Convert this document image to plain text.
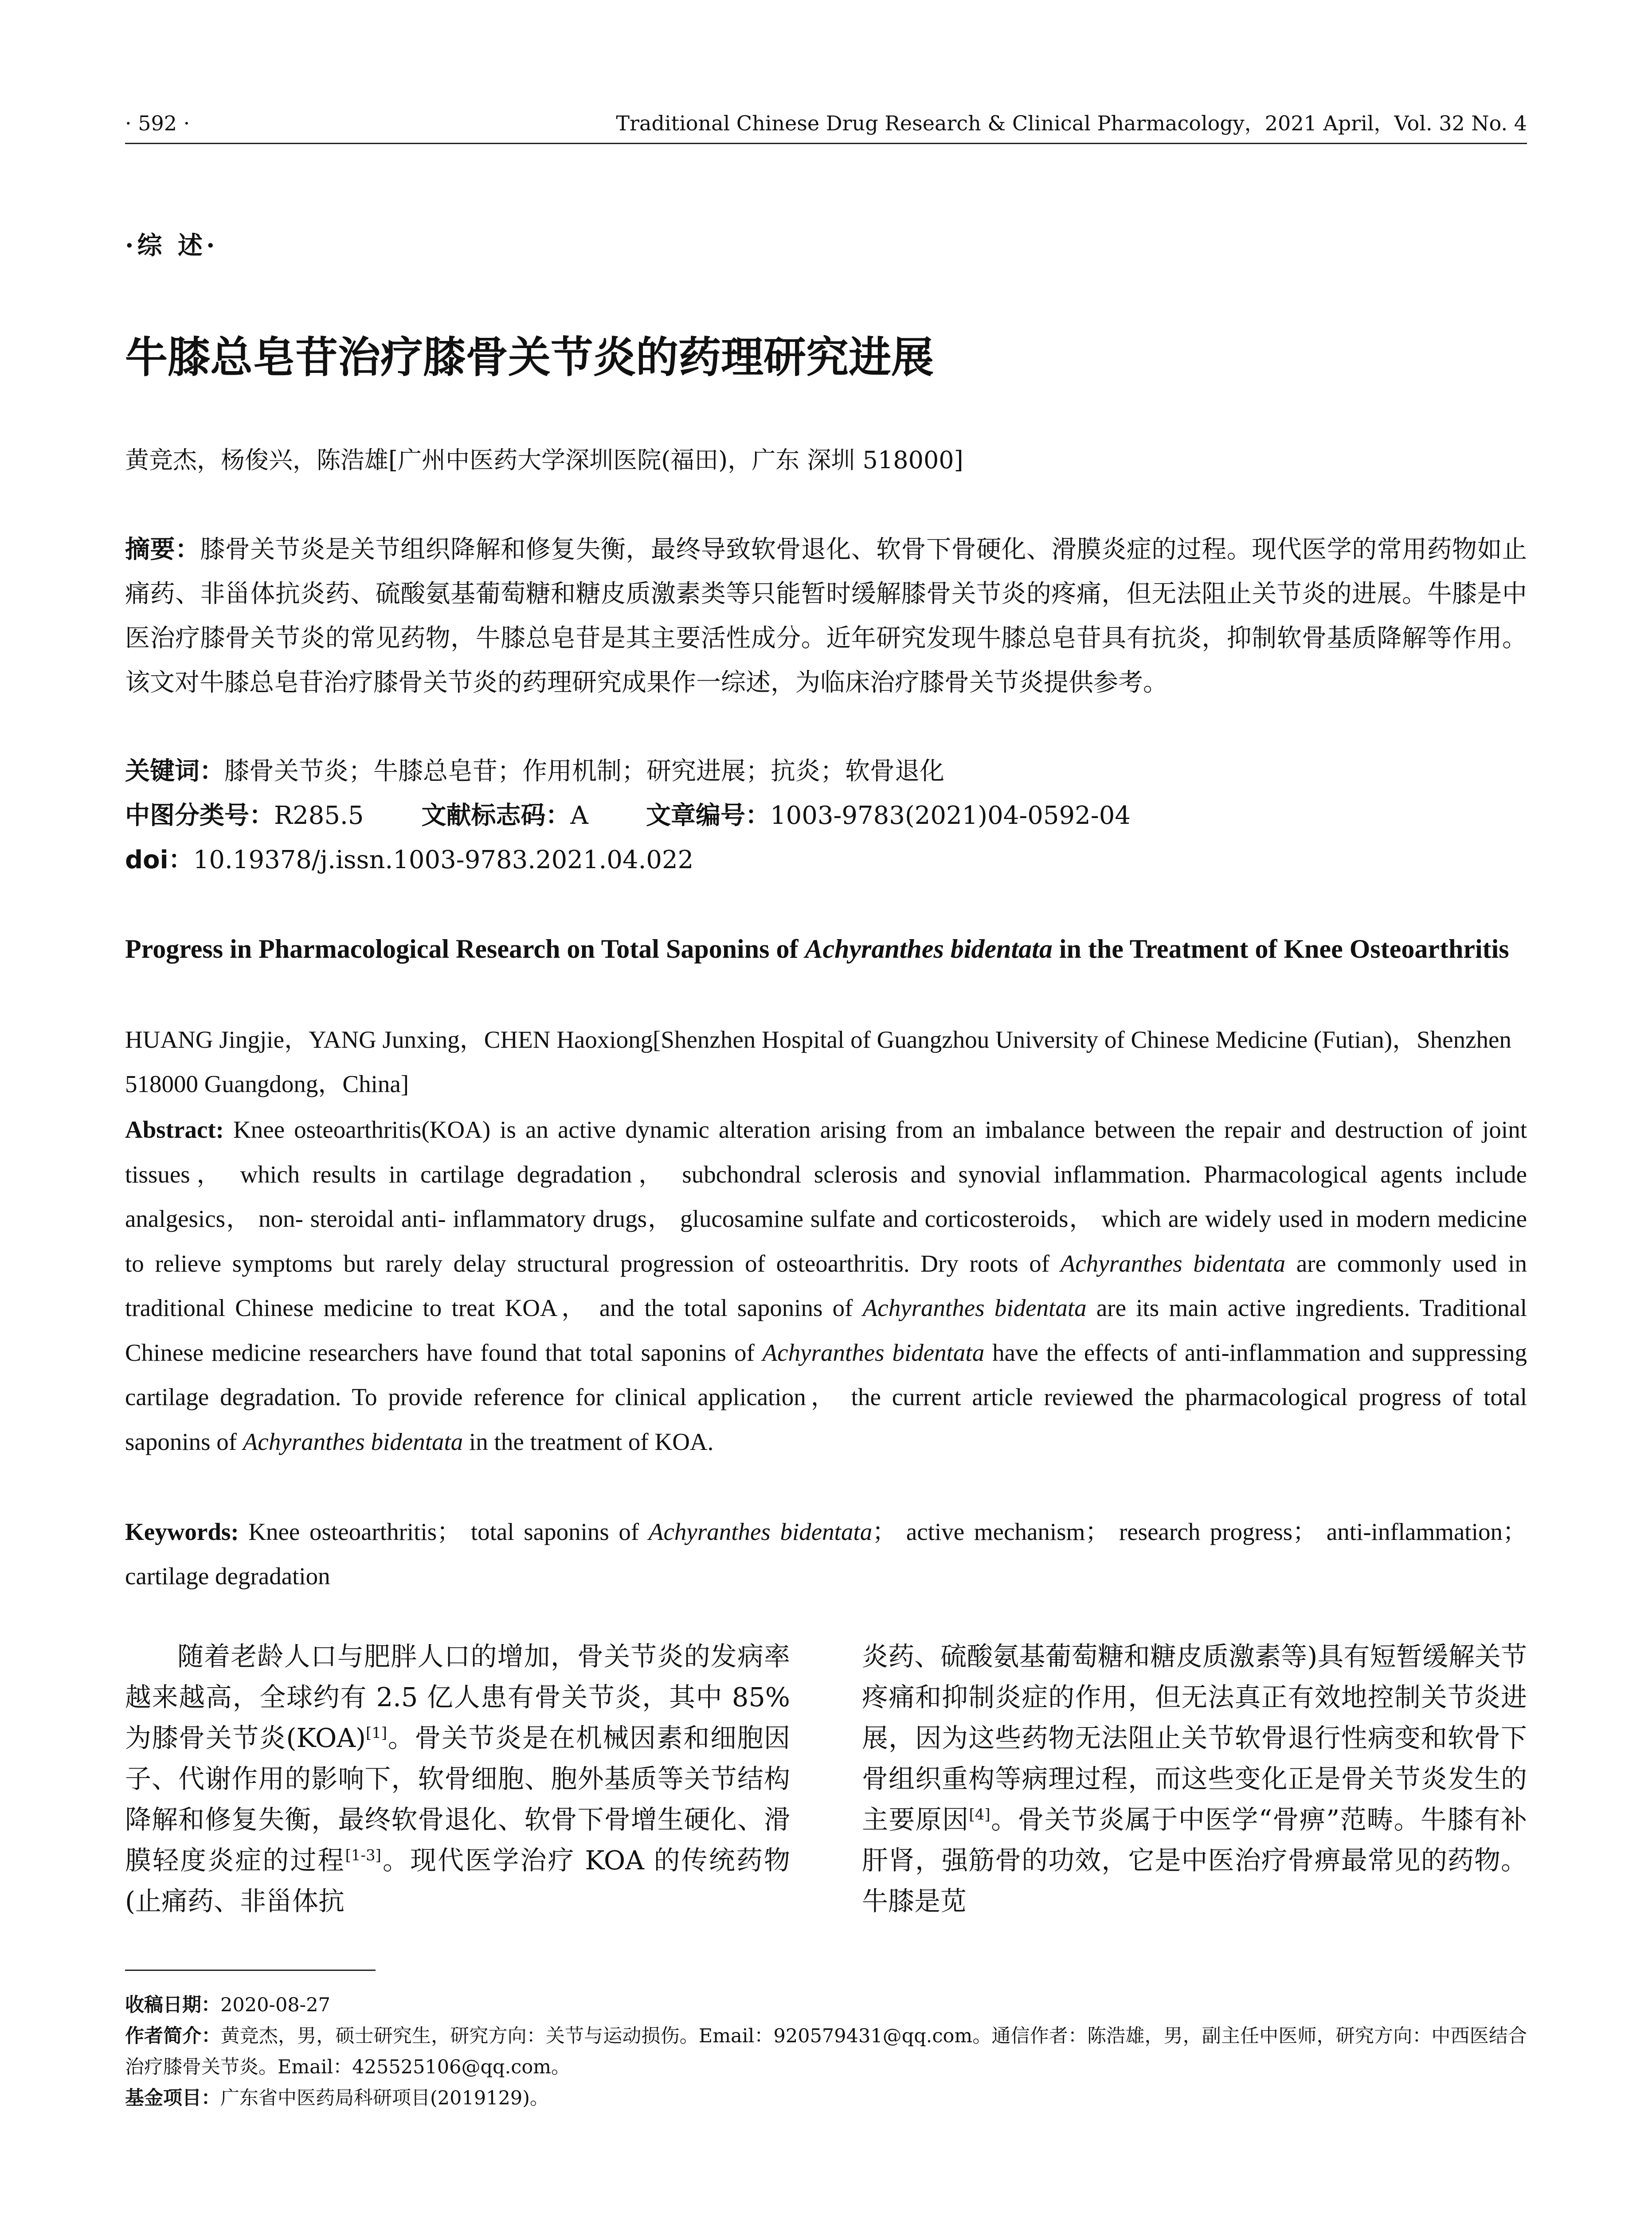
· 592 ·	Traditional Chinese Drug Research & Clinical Pharmacology，2021 April，Vol. 32 No. 4
·综 述·
牛膝总皂苷治疗膝骨关节炎的药理研究进展
黄竞杰，杨俊兴，陈浩雄[广州中医药大学深圳医院(福田)，广东 深圳 518000]
摘要：膝骨关节炎是关节组织降解和修复失衡，最终导致软骨退化、软骨下骨硬化、滑膜炎症的过程。现代医学的常用药物如止痛药、非甾体抗炎药、硫酸氨基葡萄糖和糖皮质激素类等只能暂时缓解膝骨关节炎的疼痛，但无法阻止关节炎的进展。牛膝是中医治疗膝骨关节炎的常见药物，牛膝总皂苷是其主要活性成分。近年研究发现牛膝总皂苷具有抗炎，抑制软骨基质降解等作用。该文对牛膝总皂苷治疗膝骨关节炎的药理研究成果作一综述，为临床治疗膝骨关节炎提供参考。
关键词：膝骨关节炎；牛膝总皂苷；作用机制；研究进展；抗炎；软骨退化
中图分类号：R285.5 文献标志码：A 文章编号：1003-9783(2021)04-0592-04
doi：10.19378/j.issn.1003-9783.2021.04.022
Progress in Pharmacological Research on Total Saponins of Achyranthes bidentata in the Treatment of Knee Osteoarthritis
HUANG Jingjie，YANG Junxing，CHEN Haoxiong[Shenzhen Hospital of Guangzhou University of Chinese Medicine (Futian)，Shenzhen 518000 Guangdong，China]
Abstract: Knee osteoarthritis(KOA) is an active dynamic alteration arising from an imbalance between the repair and destruction of joint tissues， which results in cartilage degradation， subchondral sclerosis and synovial inflammation. Pharmacological agents include analgesics， non- steroidal anti- inflammatory drugs， glucosamine sulfate and corticosteroids， which are widely used in modern medicine to relieve symptoms but rarely delay structural progression of osteoarthritis. Dry roots of Achyranthes bidentata are commonly used in traditional Chinese medicine to treat KOA， and the total saponins of Achyranthes bidentata are its main active ingredients. Traditional Chinese medicine researchers have found that total saponins of Achyranthes bidentata have the effects of anti-inflammation and suppressing cartilage degradation. To provide reference for clinical application， the current article reviewed the pharmacological progress of total saponins of Achyranthes bidentata in the treatment of KOA.
Keywords: Knee osteoarthritis； total saponins of Achyranthes bidentata； active mechanism； research progress； anti-inflammation； cartilage degradation
随着老龄人口与肥胖人口的增加，骨关节炎的发病率越来越高，全球约有 2.5 亿人患有骨关节炎，其中 85%为膝骨关节炎(KOA)[1]。骨关节炎是在机械因素和细胞因子、代谢作用的影响下，软骨细胞、胞外基质等关节结构降解和修复失衡，最终软骨退化、软骨下骨增生硬化、滑膜轻度炎症的过程[1-3]。现代医学治疗 KOA 的传统药物(止痛药、非甾体抗
炎药、硫酸氨基葡萄糖和糖皮质激素等)具有短暂缓解关节疼痛和抑制炎症的作用，但无法真正有效地控制关节炎进展，因为这些药物无法阻止关节软骨退行性病变和软骨下骨组织重构等病理过程，而这些变化正是骨关节炎发生的主要原因[4]。骨关节炎属于中医学“骨痹”范畴。牛膝有补肝肾，强筋骨的功效，它是中医治疗骨痹最常见的药物。牛膝是苋
收稿日期：2020-08-27
作者简介：黄竞杰，男，硕士研究生，研究方向：关节与运动损伤。Email：920579431@qq.com。通信作者：陈浩雄，男，副主任中医师，研究方向：中西医结合治疗膝骨关节炎。Email：425525106@qq.com。
基金项目：广东省中医药局科研项目(2019129)。
